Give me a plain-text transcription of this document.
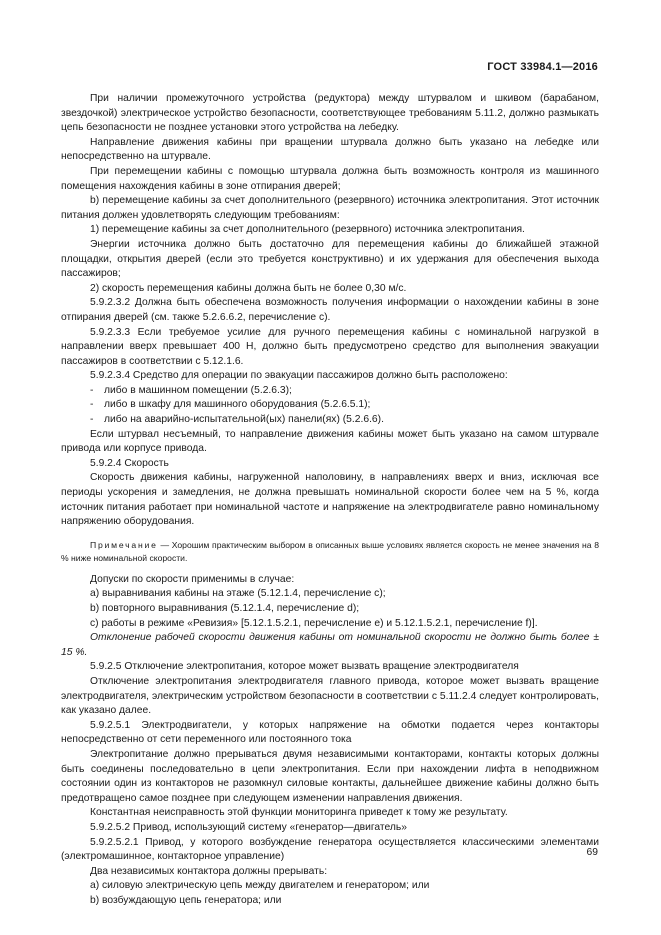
ГОСТ 33984.1—2016

При наличии промежуточного устройства (редуктора) между штурвалом и шкивом (барабаном, звездочкой) электрическое устройство безопасности, соответствующее требованиям 5.11.2, должно размыкать цепь безопасности не позднее установки этого устройства на лебедку.

Направление движения кабины при вращении штурвала должно быть указано на лебедке или непосредственно на штурвале.

При перемещении кабины с помощью штурвала должна быть возможность контроля из машинного помещения нахождения кабины в зоне отпирания дверей;

b) перемещение кабины за счет дополнительного (резервного) источника электропитания. Этот источник питания должен удовлетворять следующим требованиям:

1) перемещение кабины за счет дополнительного (резервного) источника электропитания.

Энергии источника должно быть достаточно для перемещения кабины до ближайшей этажной площадки, открытия дверей (если это требуется конструктивно) и их удержания для обеспечения выхода пассажиров;

2) скорость перемещения кабины должна быть не более 0,30 м/с.

5.9.2.3.2 Должна быть обеспечена возможность получения информации о нахождении кабины в зоне отпирания дверей (см. также 5.2.6.6.2, перечисление с).

5.9.2.3.3 Если требуемое усилие для ручного перемещения кабины с номинальной нагрузкой в направлении вверх превышает 400 Н, должно быть предусмотрено средство для выполнения эвакуации пассажиров в соответствии с 5.12.1.6.

5.9.2.3.4 Средство для операции по эвакуации пассажиров должно быть расположено:

- либо в машинном помещении (5.2.6.3);

- либо в шкафу для машинного оборудования (5.2.6.5.1);

- либо на аварийно-испытательной(ых) панели(ях) (5.2.6.6).

Если штурвал несъемный, то направление движения кабины может быть указано на самом штурвале привода или корпусе привода.

5.9.2.4 Скорость

Скорость движения кабины, нагруженной наполовину, в направлениях вверх и вниз, исключая все периоды ускорения и замедления, не должна превышать номинальной скорости более чем на 5 %, когда источник питания работает при номинальной частоте и напряжение на электродвигателе равно номинальному напряжению оборудования.

Примечание — Хорошим практическим выбором в описанных выше условиях является скорость не менее значения на 8 % ниже номинальной скорости.

Допуски по скорости применимы в случае:

a) выравнивания кабины на этаже (5.12.1.4, перечисление с);

b) повторного выравнивания (5.12.1.4, перечисление d);

с) работы в режиме «Ревизия» [5.12.1.5.2.1, перечисление е) и 5.12.1.5.2.1, перечисление f)].

Отклонение рабочей скорости движения кабины от номинальной скорости не должно быть более ± 15 %.

5.9.2.5 Отключение электропитания, которое может вызвать вращение электродвигателя

Отключение электропитания электродвигателя главного привода, которое может вызвать вращение электродвигателя, электрическим устройством безопасности в соответствии с 5.11.2.4 следует контролировать, как указано далее.

5.9.2.5.1 Электродвигатели, у которых напряжение на обмотки подается через контакторы непосредственно от сети переменного или постоянного тока

Электропитание должно прерываться двумя независимыми контакторами, контакты которых должны быть соединены последовательно в цепи электропитания. Если при нахождении лифта в неподвижном состоянии один из контакторов не разомкнул силовые контакты, дальнейшее движение кабины должно быть предотвращено самое позднее при следующем изменении направления движения.

Константная неисправность этой функции мониторинга приведет к тому же результату.

5.9.2.5.2 Привод, использующий систему «генератор—двигатель»

5.9.2.5.2.1 Привод, у которого возбуждение генератора осуществляется классическими элементами (электромашинное, контакторное управление)

Два независимых контактора должны прерывать:

а) силовую электрическую цепь между двигателем и генератором; или

b) возбуждающую цепь генератора; или

69
